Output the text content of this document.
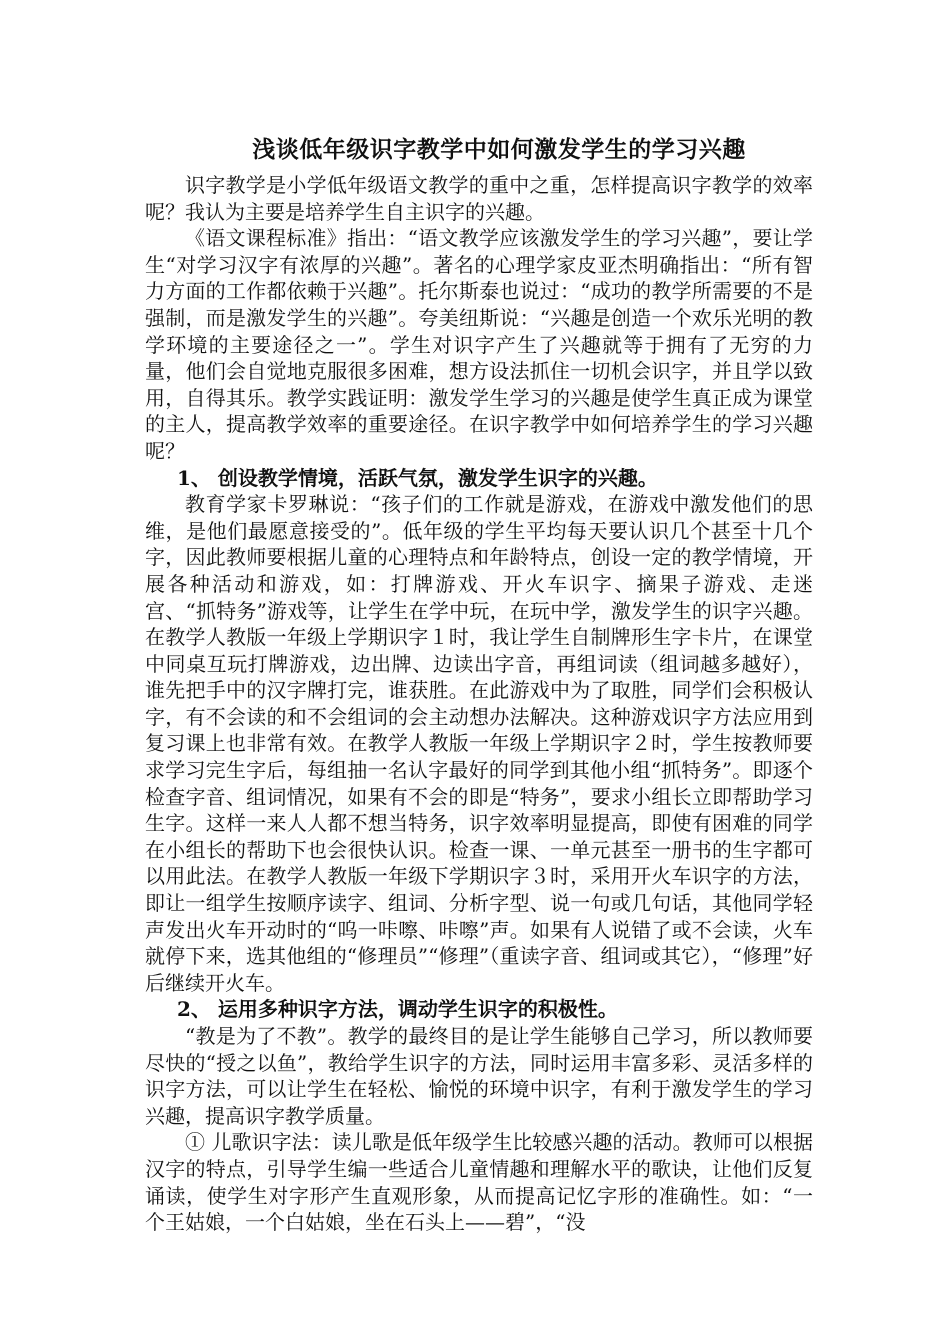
浅谈低年级识字教学中如何激发学生的学习兴趣

识字教学是小学低年级语文教学的重中之重，怎样提高识字教学的效率呢？我认为主要是培养学生自主识字的兴趣。

《语文课程标准》指出：“语文教学应该激发学生的学习兴趣”，要让学生“对学习汉字有浓厚的兴趣”。著名的心理学家皮亚杰明确指出：“所有智力方面的工作都依赖于兴趣”。托尔斯泰也说过：“成功的教学所需要的不是强制，而是激发学生的兴趣”。夸美纽斯说：“兴趣是创造一个欢乐光明的教学环境的主要途径之一”。学生对识字产生了兴趣就等于拥有了无穷的力量，他们会自觉地克服很多困难，想方设法抓住一切机会识字，并且学以致用，自得其乐。教学实践证明：激发学生学习的兴趣是使学生真正成为课堂的主人，提高教学效率的重要途径。在识字教学中如何培养学生的学习兴趣呢？

1、 创设教学情境，活跃气氛，激发学生识字的兴趣。

教育学家卡罗琳说：“孩子们的工作就是游戏，在游戏中激发他们的思维，是他们最愿意接受的”。低年级的学生平均每天要认识几个甚至十几个字，因此教师要根据儿童的心理特点和年龄特点，创设一定的教学情境，开展各种活动和游戏，如：打牌游戏、开火车识字、摘果子游戏、走迷宫、“抓特务”游戏等，让学生在学中玩，在玩中学，激发学生的识字兴趣。在教学人教版一年级上学期识字１时，我让学生自制牌形生字卡片，在课堂中同桌互玩打牌游戏，边出牌、边读出字音，再组词读（组词越多越好），谁先把手中的汉字牌打完，谁获胜。在此游戏中为了取胜，同学们会积极认字，有不会读的和不会组词的会主动想办法解决。这种游戏识字方法应用到复习课上也非常有效。在教学人教版一年级上学期识字２时，学生按教师要求学习完生字后，每组抽一名认字最好的同学到其他小组“抓特务”。即逐个检查字音、组词情况，如果有不会的即是“特务”，要求小组长立即帮助学习生字。这样一来人人都不想当特务，识字效率明显提高，即使有困难的同学在小组长的帮助下也会很快认识。检查一课、一单元甚至一册书的生字都可以用此法。在教学人教版一年级下学期识字３时，采用开火车识字的方法，即让一组学生按顺序读字、组词、分析字型、说一句或几句话，其他同学轻声发出火车开动时的“呜一咔嚓、咔嚓”声。如果有人说错了或不会读，火车就停下来，选其他组的“修理员”“修理”（重读字音、组词或其它），“修理”好后继续开火车。

2、 运用多种识字方法，调动学生识字的积极性。

“教是为了不教”。教学的最终目的是让学生能够自己学习，所以教师要尽快的“授之以鱼”，教给学生识字的方法，同时运用丰富多彩、灵活多样的识字方法，可以让学生在轻松、愉悦的环境中识字，有利于激发学生的学习兴趣，提高识字教学质量。

① 儿歌识字法：读儿歌是低年级学生比较感兴趣的活动。教师可以根据汉字的特点，引导学生编一些适合儿童情趣和理解水平的歌诀，让他们反复诵读，使学生对字形产生直观形象，从而提高记忆字形的准确性。如：“一个王姑娘，一个白姑娘，坐在石头上——碧”，“没
